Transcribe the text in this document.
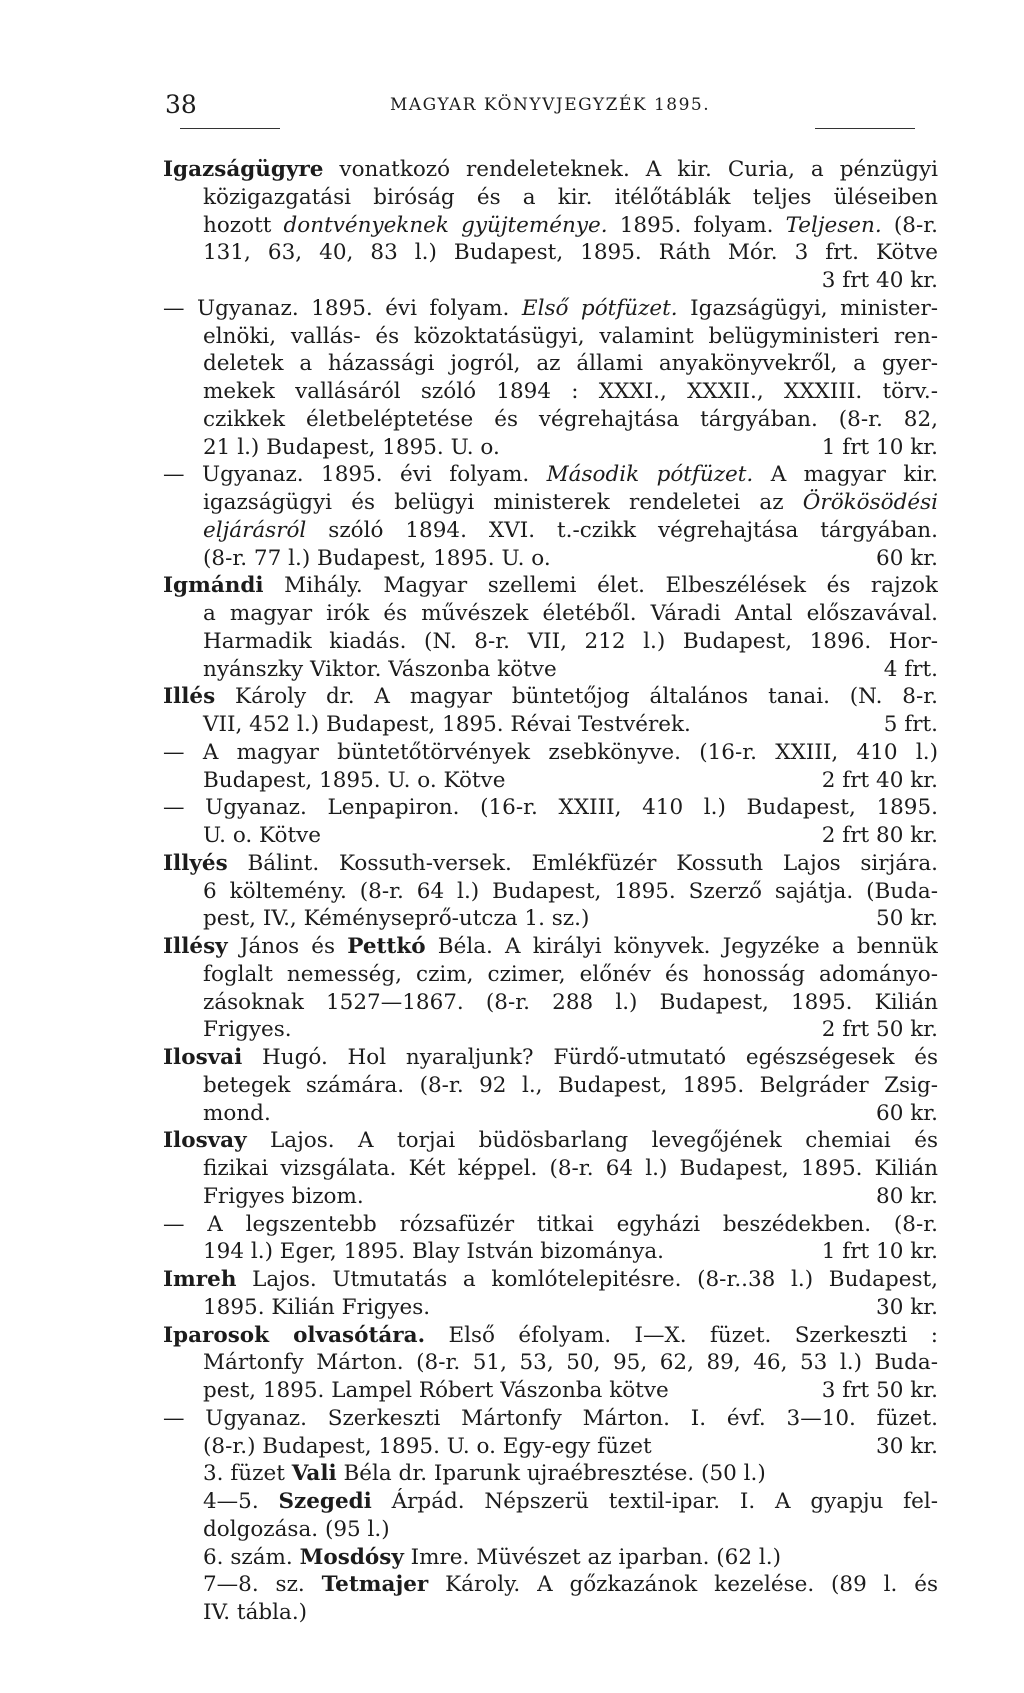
38	MAGYAR KÖNYVJEGYZÉK 1895.
Igazságügyre vonatkozó rendeleteknek. A kir. Curia, a pénzügyi
közigazgatási biróság és a kir. itélőtáblák teljes üléseiben
hozott dontvényeknek gyüjteménye. 1895. folyam. Teljesen. (8-r.
131, 63, 40, 83 l.) Budapest, 1895. Ráth Mór. 3 frt. Kötve
3 frt 40 kr.
— Ugyanaz. 1895. évi folyam. Első pótfüzet. Igazságügyi, minister-
elnöki, vallás- és közoktatásügyi, valamint belügyministeri ren-
deletek a házassági jogról, az állami anyakönyvekről, a gyer-
mekek vallásáról szóló 1894 : XXXI., XXXII., XXXIII. törv.-
czikkek életbeléptetése és végrehajtása tárgyában. (8-r. 82,
21 l.) Budapest, 1895. U. o.	1 frt 10 kr.
— Ugyanaz. 1895. évi folyam. Második pótfüzet. A magyar kir.
igazságügyi és belügyi ministerek rendeletei az Örökösödési
eljárásról szóló 1894. XVI. t.-czikk végrehajtása tárgyában.
(8-r. 77 l.) Budapest, 1895. U. o.	60 kr.
Igmándi Mihály. Magyar szellemi élet. Elbeszélések és rajzok
a magyar irók és művészek életéből. Váradi Antal előszavával.
Harmadik kiadás. (N. 8-r. VII, 212 l.) Budapest, 1896. Hor-
nyánszky Viktor. Vászonba kötve	4 frt.
Illés Károly dr. A magyar büntetőjog általános tanai. (N. 8-r.
VII, 452 l.) Budapest, 1895. Révai Testvérek.	5 frt.
— A magyar büntetőtörvények zsebkönyve. (16-r. XXIII, 410 l.)
Budapest, 1895. U. o. Kötve	2 frt 40 kr.
— Ugyanaz. Lenpapiron. (16-r. XXIII, 410 l.) Budapest, 1895.
U. o. Kötve	2 frt 80 kr.
Illyés Bálint. Kossuth-versek. Emlékfüzér Kossuth Lajos sirjára.
6 költemény. (8-r. 64 l.) Budapest, 1895. Szerző sajátja. (Buda-
pest, IV., Kéményseprő-utcza 1. sz.)	50 kr.
Illésy János és Pettkó Béla. A királyi könyvek. Jegyzéke a bennük
foglalt nemesség, czim, czimer, előnév és honosság adományo-
zásoknak 1527—1867. (8-r. 288 l.) Budapest, 1895. Kilián
Frigyes.	2 frt 50 kr.
Ilosvai Hugó. Hol nyaraljunk? Fürdő-utmutató egészségesek és
betegek számára. (8-r. 92 l., Budapest, 1895. Belgráder Zsig-
mond.	60 kr.
Ilosvay Lajos. A torjai büdösbarlang levegőjének chemiai és
fizikai vizsgálata. Két képpel. (8-r. 64 l.) Budapest, 1895. Kilián
Frigyes bizom.	80 kr.
— A legszentebb rózsafüzér titkai egyházi beszédekben. (8-r.
194 l.) Eger, 1895. Blay István bizománya.	1 frt 10 kr.
Imreh Lajos. Utmutatás a komlótelepitésre. (8-r..38 l.) Budapest,
1895. Kilián Frigyes.	30 kr.
Iparosok olvasótára. Első éfolyam. I—X. füzet. Szerkeszti :
Mártonfy Márton. (8-r. 51, 53, 50, 95, 62, 89, 46, 53 l.) Buda-
pest, 1895. Lampel Róbert Vászonba kötve	3 frt 50 kr.
— Ugyanaz. Szerkeszti Mártonfy Márton. I. évf. 3—10. füzet.
(8-r.) Budapest, 1895. U. o. Egy-egy füzet	30 kr.
3. füzet Vali Béla dr. Iparunk ujraébresztése. (50 l.)
4—5. Szegedi Árpád. Népszerü textil-ipar. I. A gyapju fel-
dolgozása. (95 l.)
6. szám. Mosdósy Imre. Müvészet az iparban. (62 l.)
7—8. sz. Tetmajer Károly. A gőzkazánok kezelése. (89 l. és
IV. tábla.)
